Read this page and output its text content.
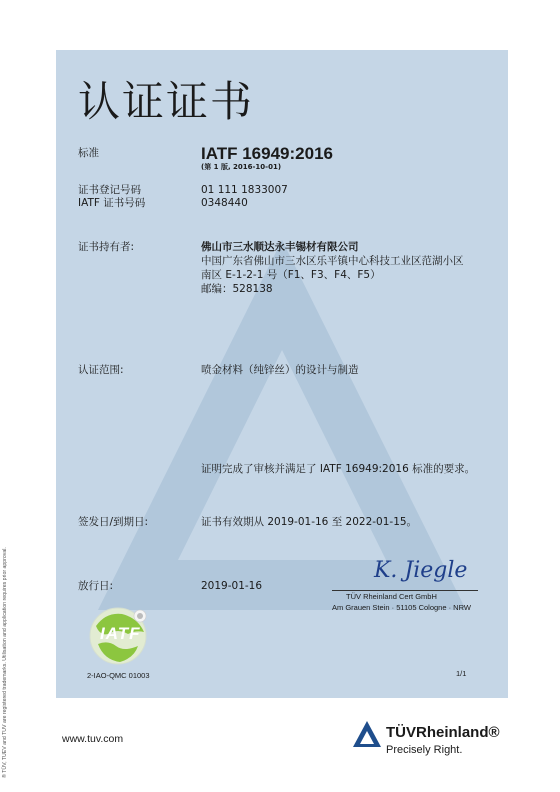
® TÜV, TUEV and TUV are registered trademarks. Utilisation and application requires prior approval.
认证证书
标准	IATF 16949:2016
(第 1 版, 2016-10-01)
证书登记号码	01 111 1833007
IATF 证书号码	0348440
证书持有者:	佛山市三水顺达永丰锡材有限公司
中国广东省佛山市三水区乐平镇中心科技工业区范湖小区
南区 E-1-2-1 号（F1、F3、F4、F5）
邮编：528138
认证范围:	喷金材料（纯锌丝）的设计与制造
证明完成了审核并满足了 IATF 16949:2016 标准的要求。
签发日/到期日:	证书有效期从 2019-01-16 至 2022-01-15。
放行日:	2019-01-16
K. Jiegle
TÜV Rheinland Cert GmbH
Am Grauen Stein · 51105 Cologne · NRW
IATF
2-IAO-QMC 01003	1/1
www.tuv.com	TÜVRheinland®
Precisely Right.
